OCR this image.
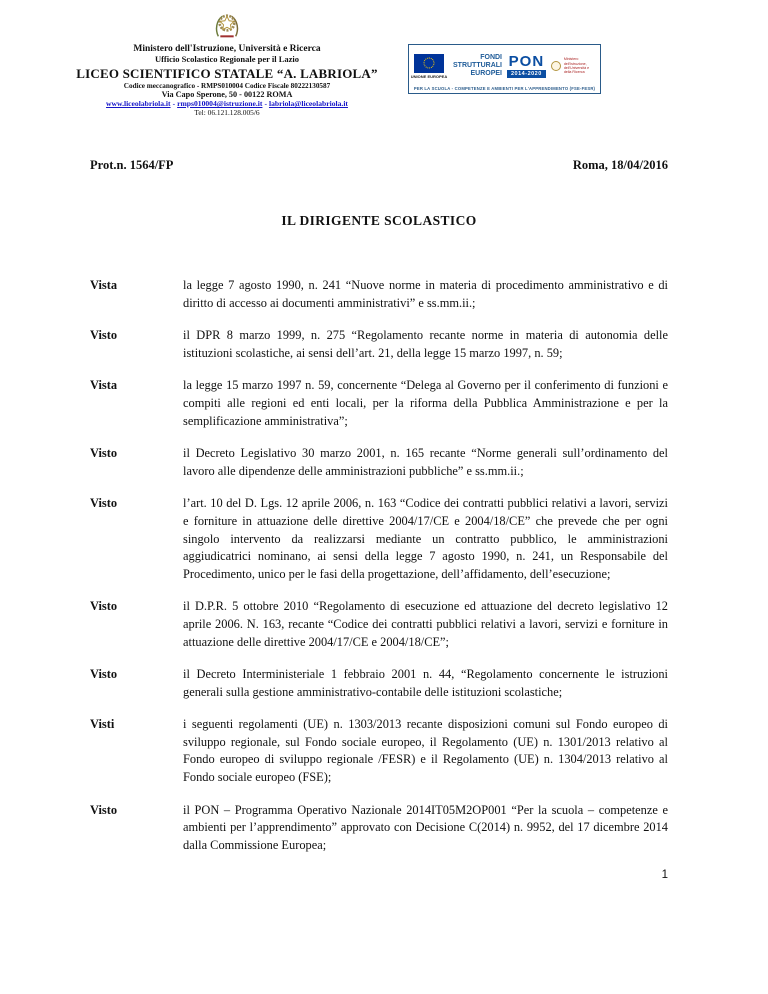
Ministero dell'Istruzione, Università e Ricerca
Ufficio Scolastico Regionale per il Lazio
LICEO SCIENTIFICO STATALE “A. LABRIOLA”
Codice meccanografico - RMPS010004 Codice Fiscale 80222130587
Via Capo Sperone, 50 - 00122 ROMA
www.liceolabriola.it - rmps010004@istruzione.it - labriola@liceolabriola.it
Tel: 06.121.128.005/6
UNIONE EUROPEA
FONDI STRUTTURALI EUROPEI
PON
2014-2020
Ministero dell'Istruzione, dell'Università e della Ricerca
PER LA SCUOLA - COMPETENZE E AMBIENTI PER L'APPRENDIMENTO (FSE-FESR)
Prot.n. 1564/FP	Roma, 18/04/2016
IL DIRIGENTE SCOLASTICO
Vista	la legge 7 agosto 1990, n. 241 “Nuove norme in materia di procedimento amministrativo e di diritto di accesso ai documenti amministrativi” e ss.mm.ii.;
Visto	il DPR 8 marzo 1999, n. 275 “Regolamento recante norme in materia di autonomia delle istituzioni scolastiche, ai sensi dell’art. 21, della legge 15 marzo 1997, n. 59;
Vista	la legge 15 marzo 1997 n. 59, concernente “Delega al Governo per il conferimento di funzioni e compiti alle regioni ed enti locali, per la riforma della Pubblica Amministrazione e per la semplificazione amministrativa”;
Visto	il Decreto Legislativo 30 marzo 2001, n. 165 recante “Norme generali sull’ordinamento del lavoro alle dipendenze delle amministrazioni pubbliche” e ss.mm.ii.;
Visto	l’art. 10 del D. Lgs. 12 aprile 2006, n. 163 “Codice dei contratti pubblici relativi a lavori, servizi e forniture in attuazione delle direttive 2004/17/CE e 2004/18/CE” che prevede che per ogni singolo intervento da realizzarsi mediante un contratto pubblico, le amministrazioni aggiudicatrici nominano, ai sensi della legge 7 agosto 1990, n. 241, un Responsabile del Procedimento, unico per le fasi della progettazione, dell’affidamento, dell’esecuzione;
Visto	il D.P.R. 5 ottobre 2010 “Regolamento di esecuzione ed attuazione del decreto legislativo 12 aprile 2006. N. 163, recante “Codice dei contratti pubblici relativi a lavori, servizi e forniture in attuazione delle direttive 2004/17/CE e 2004/18/CE”;
Visto	il Decreto Interministeriale 1 febbraio 2001 n. 44, “Regolamento concernente le istruzioni generali sulla gestione amministrativo-contabile delle istituzioni scolastiche;
Visti	i seguenti regolamenti (UE) n. 1303/2013 recante disposizioni comuni sul Fondo europeo di sviluppo regionale, sul Fondo sociale europeo, il Regolamento (UE) n. 1301/2013 relativo al Fondo europeo di sviluppo regionale /FESR) e il Regolamento (UE) n. 1304/2013 relativo al Fondo sociale europeo (FSE);
Visto	il PON – Programma Operativo Nazionale 2014IT05M2OP001 “Per la scuola – competenze e ambienti per l’apprendimento” approvato con Decisione C(2014) n. 9952, del 17 dicembre 2014 dalla Commissione Europea;
1
